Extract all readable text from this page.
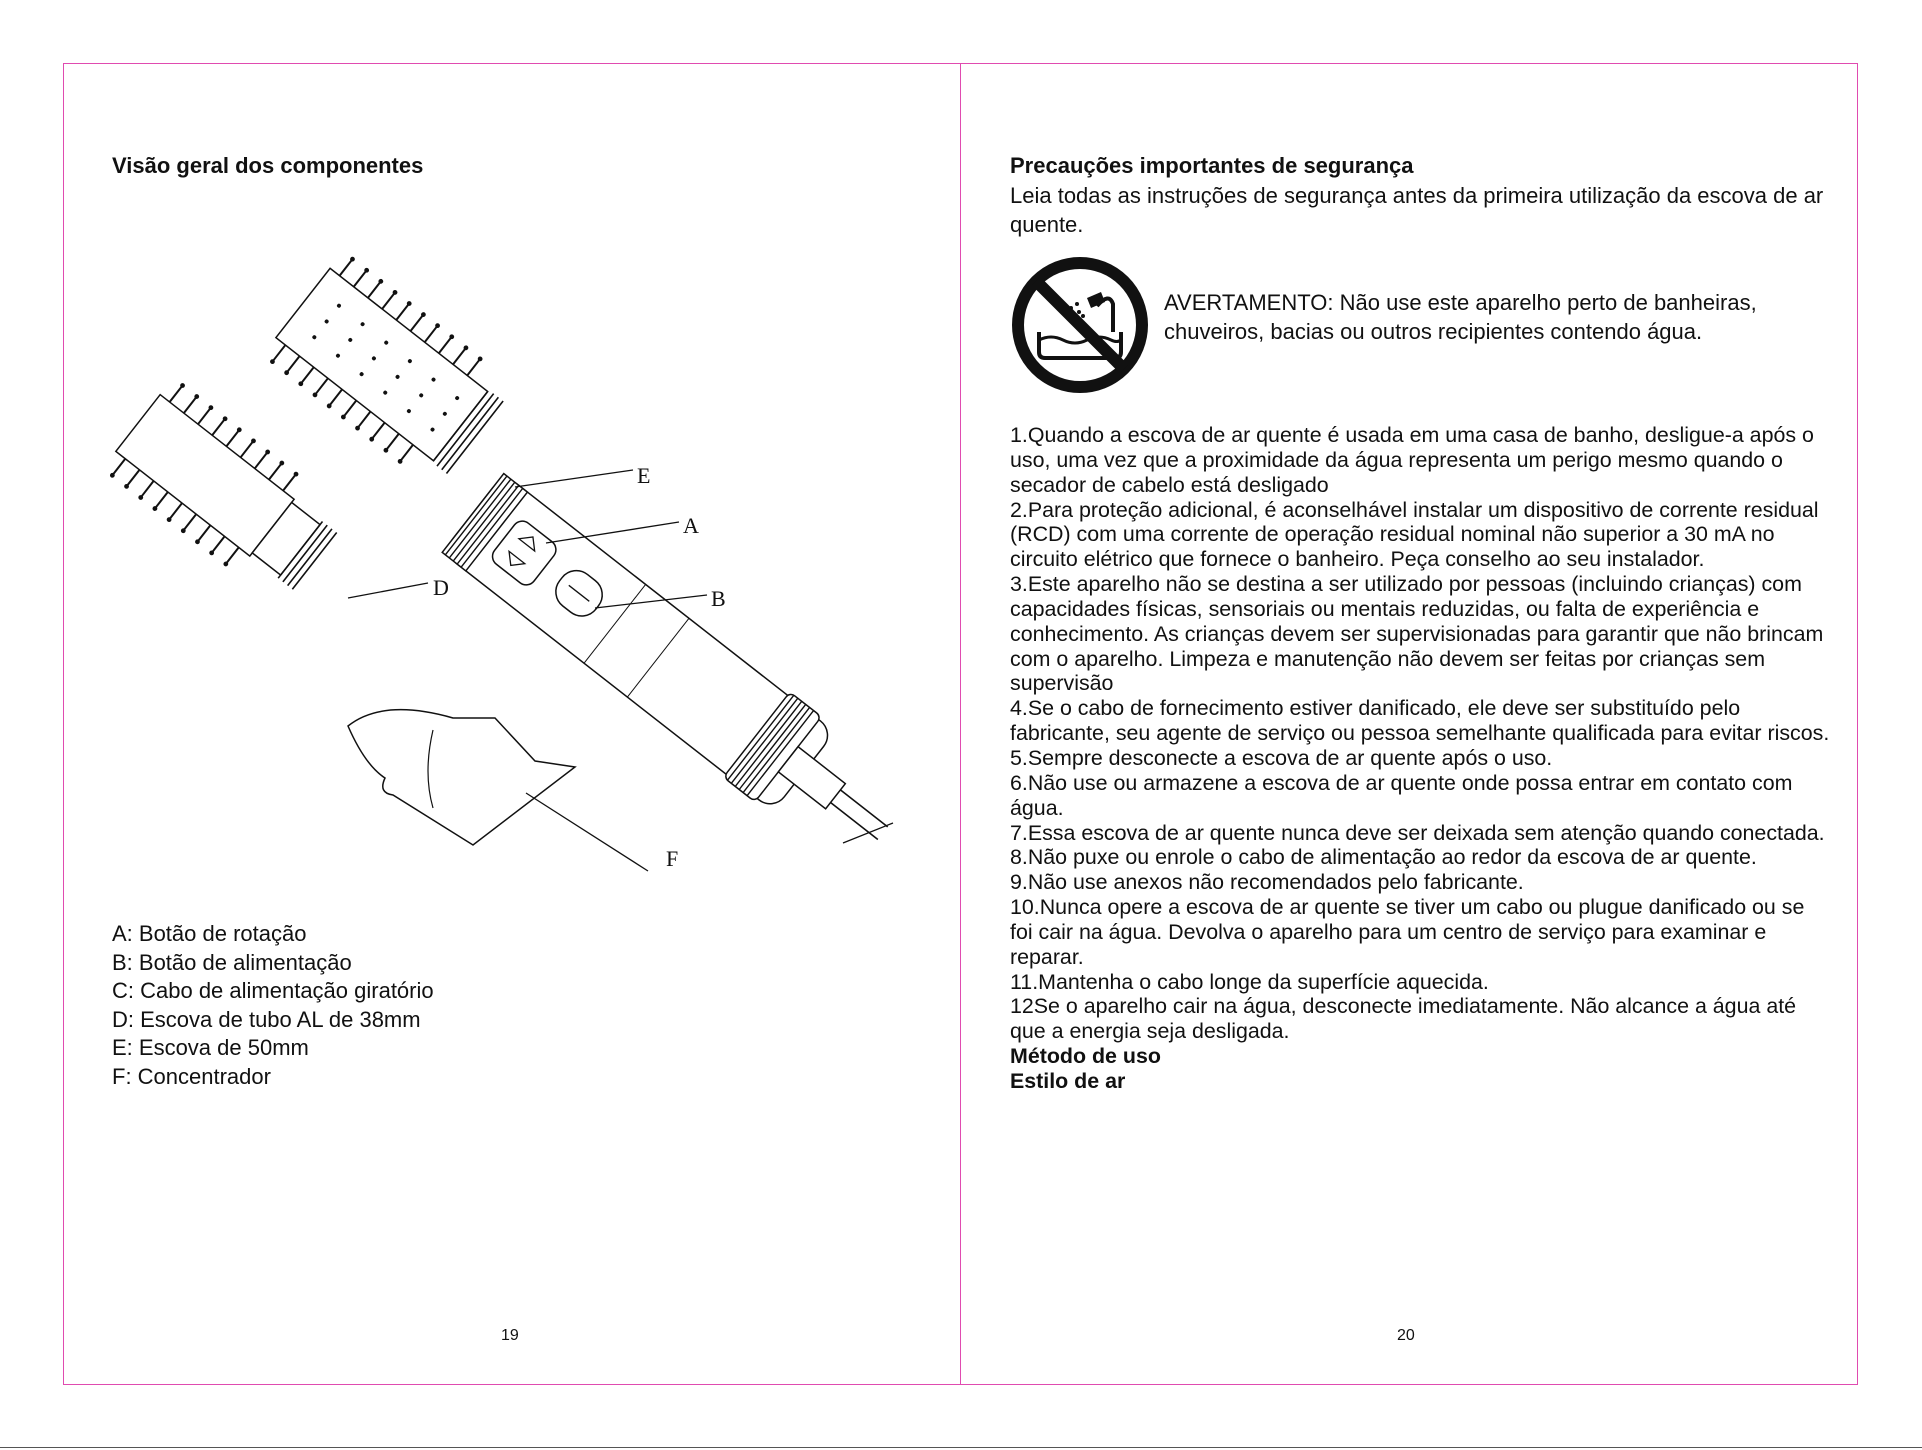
Visão geral dos componentes
E
A
B
D
F
A: Botão de rotação
B: Botão de alimentação
C: Cabo de alimentação giratório
D: Escova de tubo AL de 38mm
E: Escova de 50mm
F: Concentrador
19
Precauções importantes de segurança
Leia todas as instruções de segurança antes da primeira utilização da escova de ar quente.
AVERTAMENTO: Não use este aparelho perto de banheiras, chuveiros, bacias ou outros recipientes contendo água.

1.Quando a escova de ar quente é usada em uma casa de banho, desligue-a após o uso, uma vez que a proximidade da água representa um perigo mesmo quando o secador de cabelo está desligado

2.Para proteção adicional, é aconselhável instalar um dispositivo de corrente residual (RCD) com uma corrente de operação residual nominal não superior a 30 mA no circuito elétrico que fornece o banheiro. Peça conselho ao seu instalador.

3.Este aparelho não se destina a ser utilizado por pessoas (incluindo crianças) com capacidades físicas, sensoriais ou mentais reduzidas, ou falta de experiência e conhecimento. As crianças devem ser supervisionadas para garantir que não brincam com o aparelho. Limpeza e manutenção não devem ser feitas por crianças sem supervisão

4.Se o cabo de fornecimento estiver danificado, ele deve ser substituído pelo fabricante, seu agente de serviço ou pessoa semelhante qualificada para evitar riscos.

5.Sempre desconecte a escova de ar quente após o uso.

6.Não use ou armazene a escova de ar quente onde possa entrar em contato com água.

7.Essa escova de ar quente nunca deve ser deixada sem atenção quando conectada.

8.Não puxe ou enrole o cabo de alimentação ao redor da escova de ar quente.

9.Não use anexos não recomendados pelo fabricante.

10.Nunca opere a escova de ar quente se tiver um cabo ou plugue danificado ou se foi cair na água. Devolva o aparelho para um centro de serviço para examinar e reparar.

11.Mantenha o cabo longe da superfície aquecida.

12Se o aparelho cair na água, desconecte imediatamente. Não alcance a água até que a energia seja desligada.

Método de uso

Estilo de ar

20
